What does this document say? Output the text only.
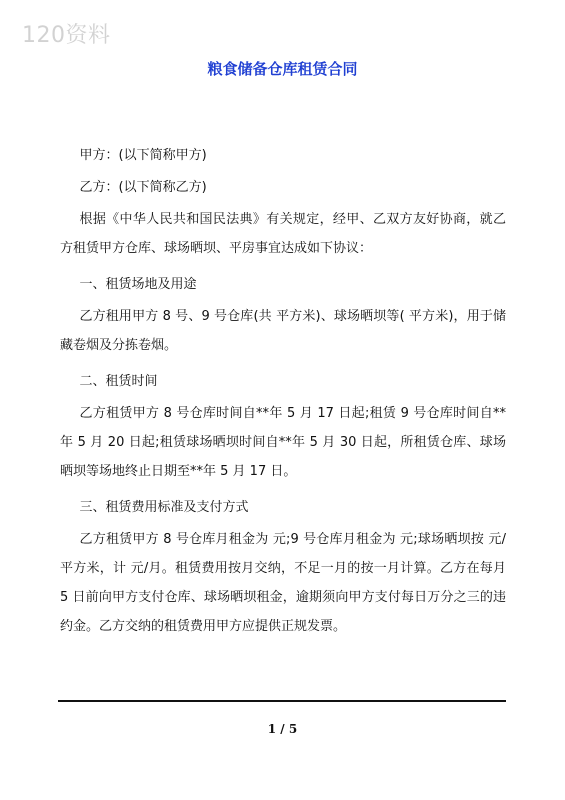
120资料
粮食储备仓库租赁合同

甲方：(以下简称甲方)

乙方：(以下简称乙方)

根据《中华人民共和国民法典》有关规定，经甲、乙双方友好协商，就乙方租赁甲方仓库、球场晒坝、平房事宜达成如下协议：

一、租赁场地及用途

乙方租用甲方 8 号、9 号仓库(共 平方米)、球场晒坝等( 平方米)，用于储藏卷烟及分拣卷烟。

二、租赁时间

乙方租赁甲方 8 号仓库时间自**年 5 月 17 日起;租赁 9 号仓库时间自**年 5 月 20 日起;租赁球场晒坝时间自**年 5 月 30 日起，所租赁仓库、球场晒坝等场地终止日期至**年 5 月 17 日。

三、租赁费用标准及支付方式

乙方租赁甲方 8 号仓库月租金为 元;9 号仓库月租金为 元;球场晒坝按 元/平方米，计 元/月。租赁费用按月交纳，不足一月的按一月计算。乙方在每月 5 日前向甲方支付仓库、球场晒坝租金，逾期须向甲方支付每日万分之三的违约金。乙方交纳的租赁费用甲方应提供正规发票。

1 / 5
